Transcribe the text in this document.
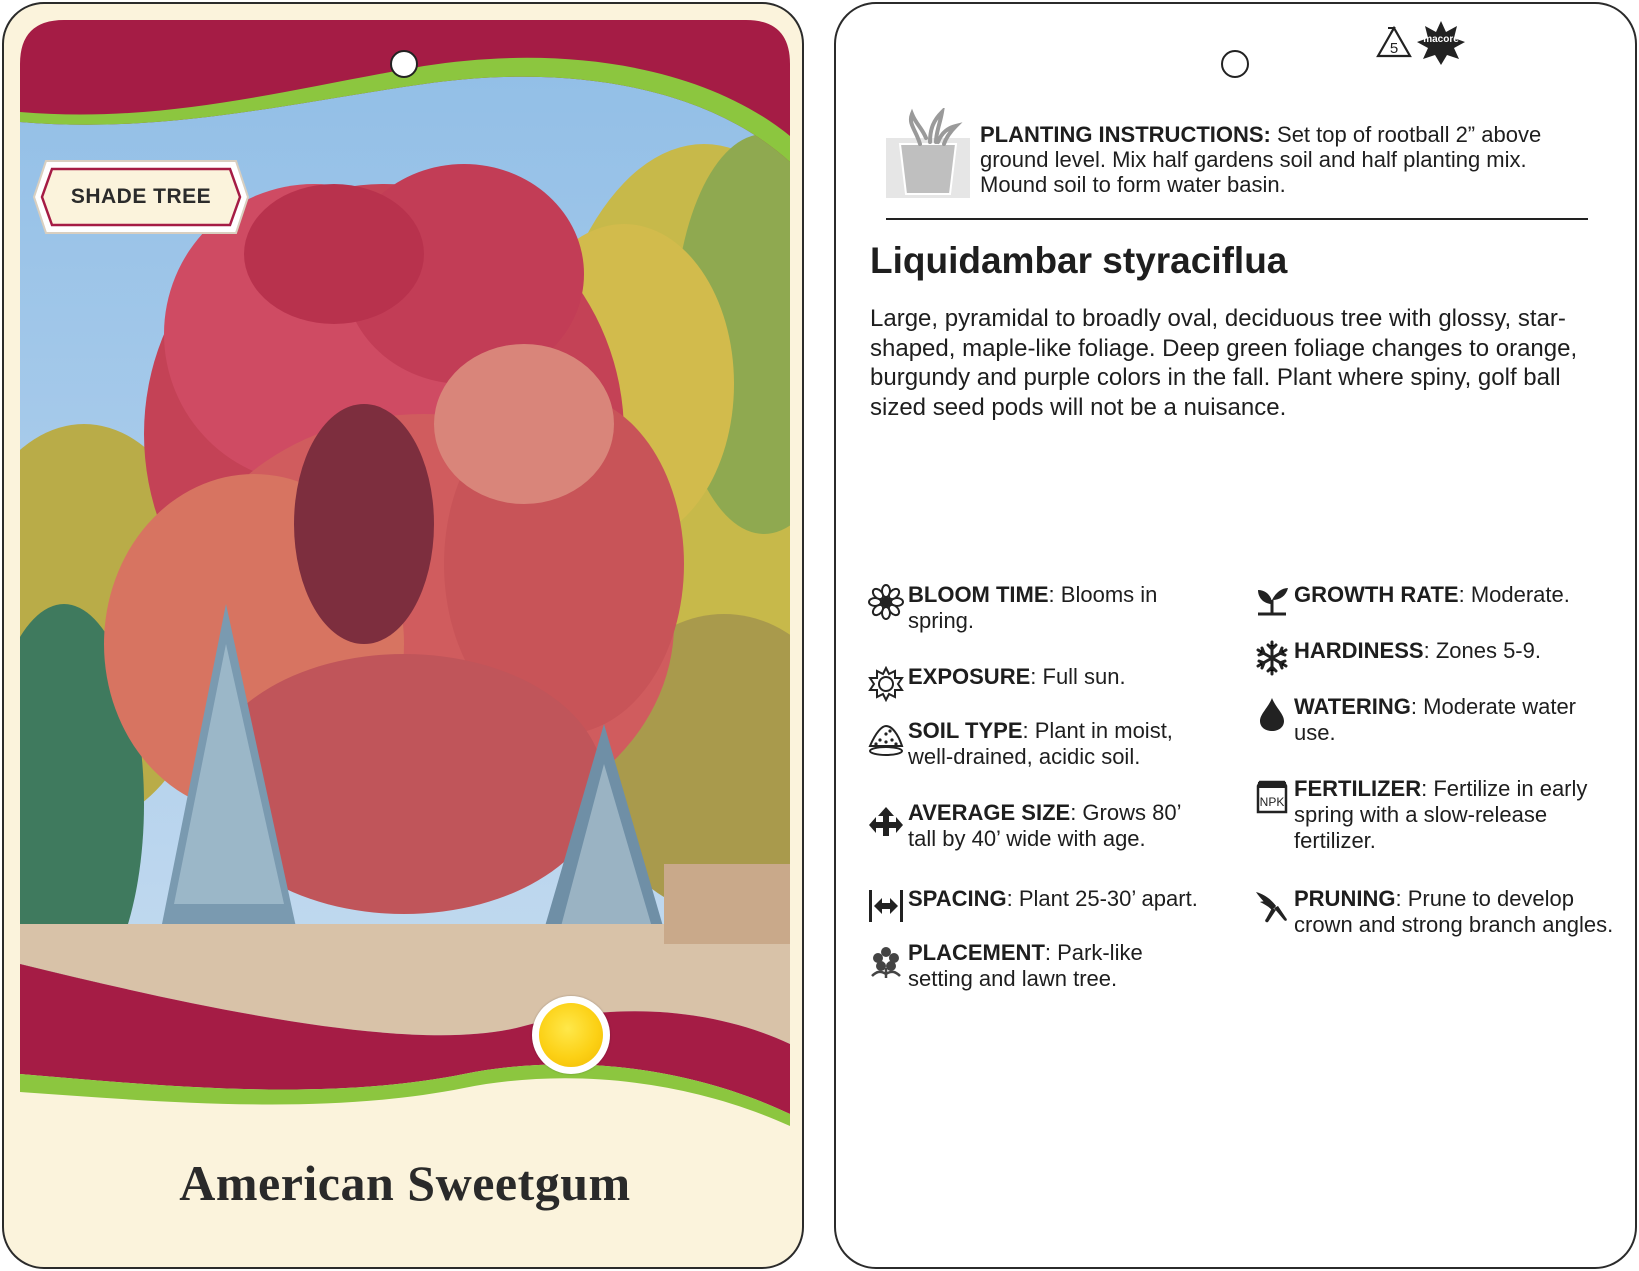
SHADE TREE
American Sweetgum
5
macore
PLANTING INSTRUCTIONS: Set top of rootball 2” above ground level. Mix half gardens soil and half planting mix. Mound soil to form water basin.
Liquidambar styraciflua
Large, pyramidal to broadly oval, deciduous tree with glossy, star-shaped, maple-like foliage. Deep green foliage changes to orange, burgundy and purple colors in the fall. Plant where spiny, golf ball sized seed pods will not be a nuisance.
BLOOM TIME: Blooms in spring.
EXPOSURE: Full sun.
SOIL TYPE: Plant in moist, well-drained, acidic soil.
AVERAGE SIZE: Grows 80’ tall by 40’ wide with age.
SPACING: Plant 25-30’ apart.
PLACEMENT: Park-like setting and lawn tree.
GROWTH RATE: Moderate.
HARDINESS: Zones 5-9.
WATERING: Moderate water use.
NPK
FERTILIZER: Fertilize in early spring with a slow-release fertilizer.
PRUNING: Prune to develop crown and strong branch angles.
